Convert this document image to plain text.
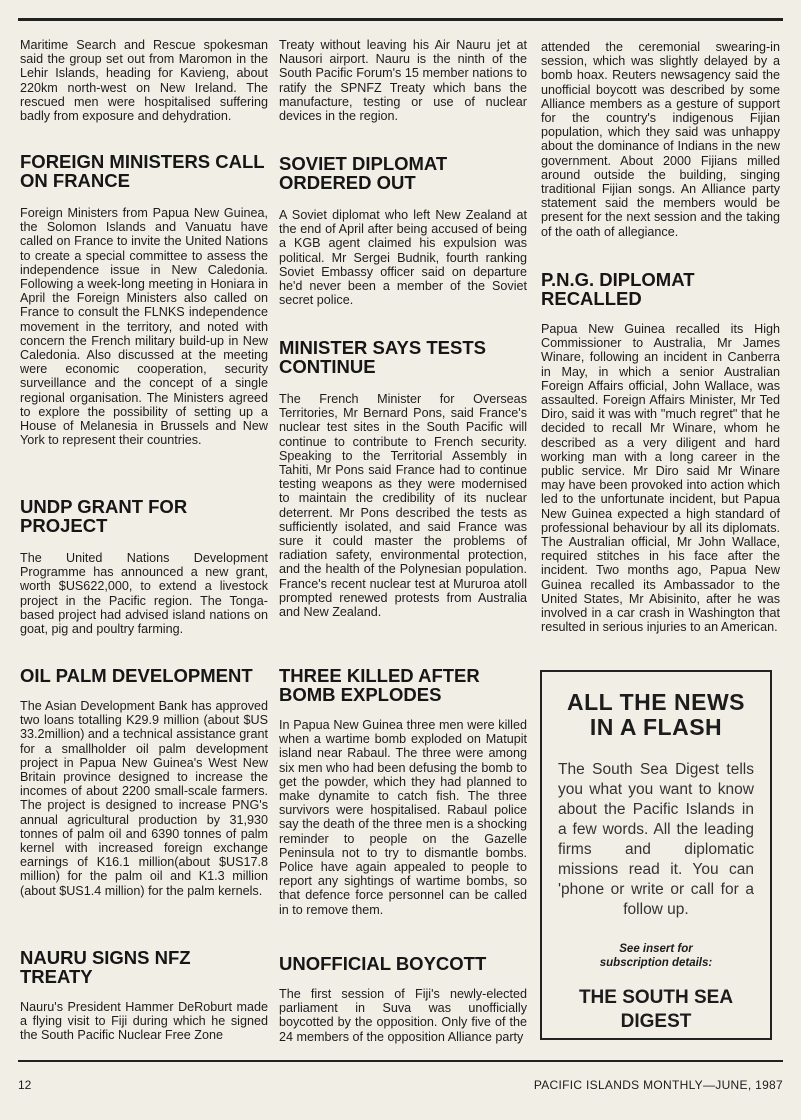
Maritime Search and Rescue spokesman said the group set out from Maromon in the Lehir Islands, heading for Kavieng, about 220km north-west on New Ireland. The rescued men were hospitalised suffering badly from exposure and dehydration.

FOREIGN MINISTERS CALL ON FRANCE

Foreign Ministers from Papua New Guinea, the Solomon Islands and Vanuatu have called on France to invite the United Nations to create a special committee to assess the independence issue in New Caledonia. Following a week-long meeting in Honiara in April the Foreign Ministers also called on France to consult the FLNKS independence movement in the territory, and noted with concern the French military build-up in New Caledonia. Also discussed at the meeting were economic cooperation, security surveillance and the concept of a single regional organisation. The Ministers agreed to explore the possibility of setting up a House of Melanesia in Brussels and New York to represent their countries.

UNDP GRANT FOR PROJECT

The United Nations Development Programme has announced a new grant, worth $US622,000, to extend a livestock project in the Pacific region. The Tonga-based project had advised island nations on goat, pig and poultry farming.

OIL PALM DEVELOPMENT

The Asian Development Bank has approved two loans totalling K29.9 million (about $US 33.2million) and a technical assistance grant for a smallholder oil palm development project in Papua New Guinea's West New Britain province designed to increase the incomes of about 2200 small-scale farmers. The project is designed to increase PNG's annual agricultural production by 31,930 tonnes of palm oil and 6390 tonnes of palm kernel with increased foreign exchange earnings of K16.1 million(about $US17.8 million) for the palm oil and K1.3 million (about $US1.4 million) for the palm kernels.

NAURU SIGNS NFZ TREATY

Nauru's President Hammer DeRoburt made a flying visit to Fiji during which he signed the South Pacific Nuclear Free Zone

Treaty without leaving his Air Nauru jet at Nausori airport. Nauru is the ninth of the South Pacific Forum's 15 member nations to ratify the SPNFZ Treaty which bans the manufacture, testing or use of nuclear devices in the region.

SOVIET DIPLOMAT ORDERED OUT

A Soviet diplomat who left New Zealand at the end of April after being accused of being a KGB agent claimed his expulsion was political. Mr Sergei Budnik, fourth ranking Soviet Embassy officer said on departure he'd never been a member of the Soviet secret police.

MINISTER SAYS TESTS CONTINUE

The French Minister for Overseas Territories, Mr Bernard Pons, said France's nuclear test sites in the South Pacific will continue to contribute to French security. Speaking to the Territorial Assembly in Tahiti, Mr Pons said France had to continue testing weapons as they were modernised to maintain the credibility of its nuclear deterrent. Mr Pons described the tests as sufficiently isolated, and said France was sure it could master the problems of radiation safety, environmental protection, and the health of the Polynesian population. France's recent nuclear test at Mururoa atoll prompted renewed protests from Australia and New Zealand.

THREE KILLED AFTER BOMB EXPLODES

In Papua New Guinea three men were killed when a wartime bomb exploded on Matupit island near Rabaul. The three were among six men who had been defusing the bomb to get the powder, which they had planned to make dynamite to catch fish. The three survivors were hospitalised. Rabaul police say the death of the three men is a shocking reminder to people on the Gazelle Peninsula not to try to dismantle bombs. Police have again appealed to people to report any sightings of wartime bombs, so that defence force personnel can be called in to remove them.

UNOFFICIAL BOYCOTT

The first session of Fiji's newly-elected parliament in Suva was unofficially boycotted by the opposition. Only five of the 24 members of the opposition Alliance party

attended the ceremonial swearing-in session, which was slightly delayed by a bomb hoax. Reuters newsagency said the unofficial boycott was described by some Alliance members as a gesture of support for the country's indigenous Fijian population, which they said was unhappy about the dominance of Indians in the new government. About 2000 Fijians milled around outside the building, singing traditional Fijian songs. An Alliance party statement said the members would be present for the next session and the taking of the oath of allegiance.

P.N.G. DIPLOMAT RECALLED

Papua New Guinea recalled its High Commissioner to Australia, Mr James Winare, following an incident in Canberra in May, in which a senior Australian Foreign Affairs official, John Wallace, was assaulted. Foreign Affairs Minister, Mr Ted Diro, said it was with "much regret" that he decided to recall Mr Winare, whom he described as a very diligent and hard working man with a long career in the public service. Mr Diro said Mr Winare may have been provoked into action which led to the unfortunate incident, but Papua New Guinea expected a high standard of professional behaviour by all its diplomats. The Australian official, Mr John Wallace, required stitches in his face after the incident. Two months ago, Papua New Guinea recalled its Ambassador to the United States, Mr Abisinito, after he was involved in a car crash in Washington that resulted in serious injuries to an American.

ALL THE NEWS
IN A FLASH
The South Sea Digest tells you what you want to know about the Pacific Islands in a few words. All the leading firms and diplomatic missions read it. You can 'phone or write or call for a follow up.
See insert for
subscription details:
THE SOUTH SEA
DIGEST
12	PACIFIC ISLANDS MONTHLY—JUNE, 1987
